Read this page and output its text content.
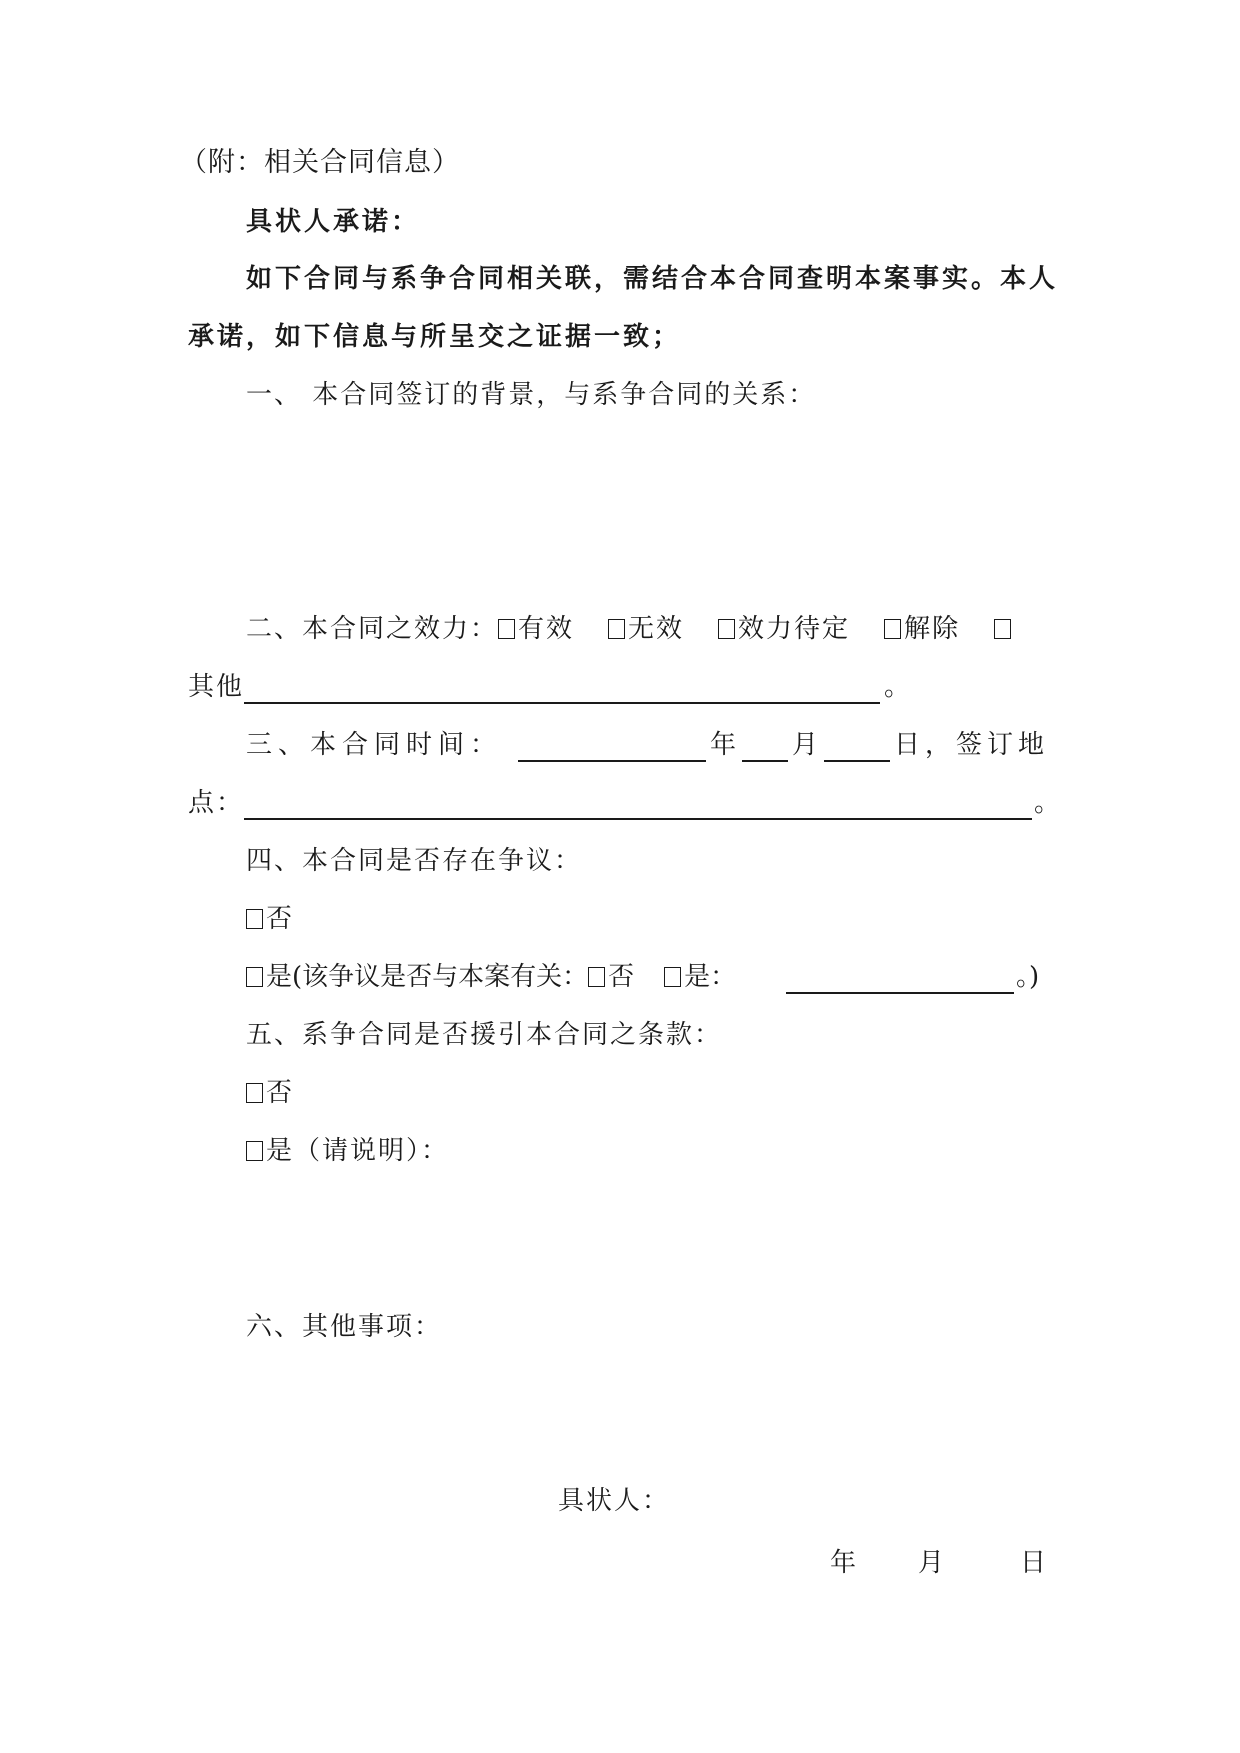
（附：相关合同信息）
具状人承诺：
如下合同与系争合同相关联，需结合本合同查明本案事实。本人
承诺，如下信息与所呈交之证据一致；
一、 本合同签订的背景，与系争合同的关系：
二、本合同之效力： 有效 无效 效力待定 解除
其他	。
三、本合同时间：	年 月	日，签订地
点：	。
四、本合同是否存在争议：
否
是(该争议是否与本案有关： 否 是：	。)
五、系争合同是否援引本合同之条款：
否
是（请说明）：
六、其他事项：
具状人：
年 月	日
